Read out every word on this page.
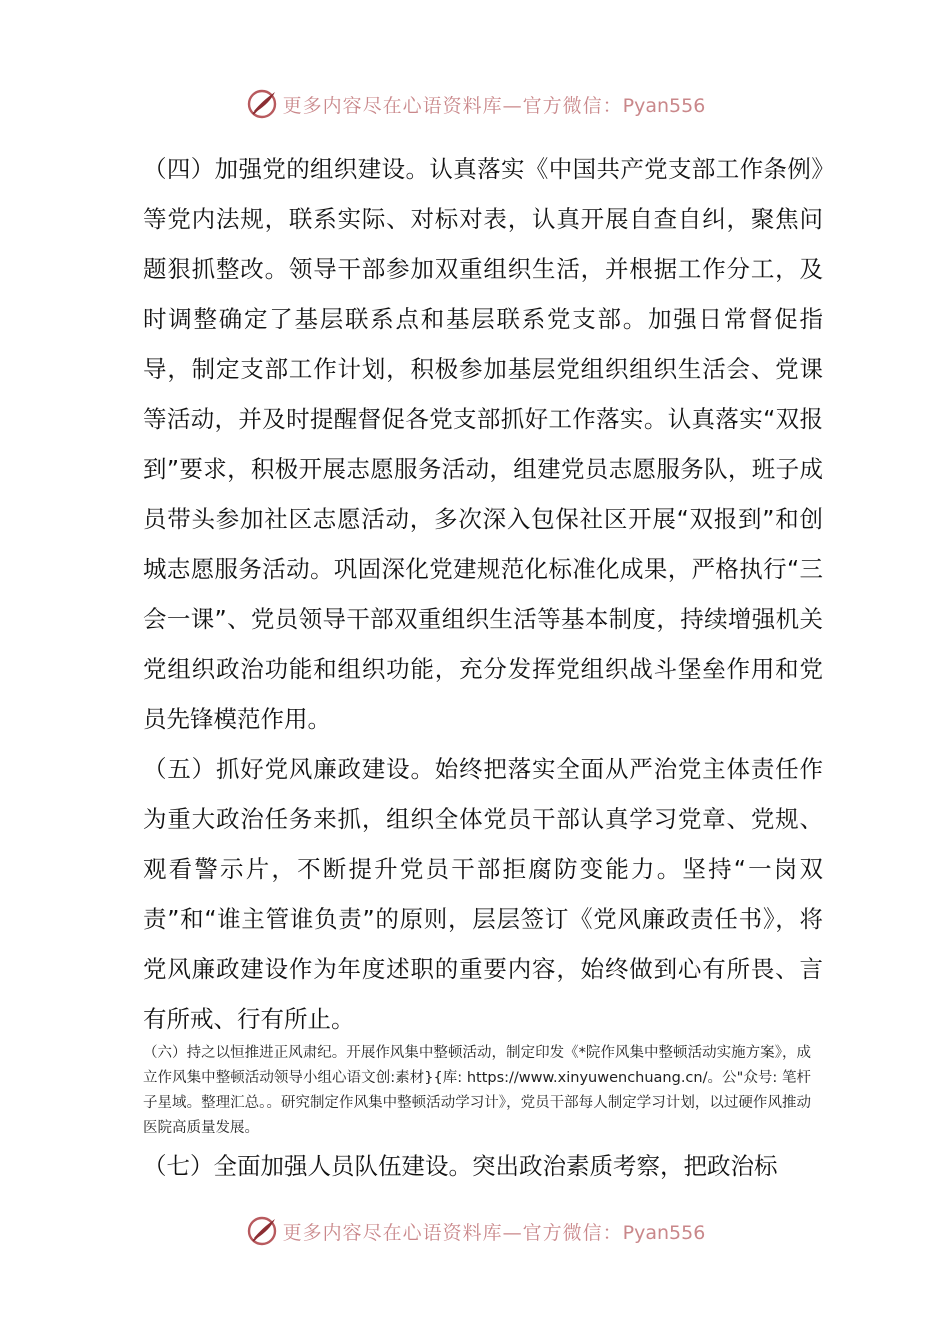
更多内容尽在心语资料库—官方微信：Pyan556

（四）加强党的组织建设。认真落实《中国共产党支部工作条例》等党内法规，联系实际、对标对表，认真开展自查自纠，聚焦问题狠抓整改。领导干部参加双重组织生活，并根据工作分工，及时调整确定了基层联系点和基层联系党支部。加强日常督促指导，制定支部工作计划，积极参加基层党组织组织生活会、党课等活动，并及时提醒督促各党支部抓好工作落实。认真落实“双报到”要求，积极开展志愿服务活动，组建党员志愿服务队，班子成员带头参加社区志愿活动，多次深入包保社区开展“双报到”和创城志愿服务活动。巩固深化党建规范化标准化成果，严格执行“三会一课”、党员领导干部双重组织生活等基本制度，持续增强机关党组织政治功能和组织功能，充分发挥党组织战斗堡垒作用和党员先锋模范作用。

（五）抓好党风廉政建设。始终把落实全面从严治党主体责任作为重大政治任务来抓，组织全体党员干部认真学习党章、党规、观看警示片，不断提升党员干部拒腐防变能力。坚持“一岗双责”和“谁主管谁负责”的原则，层层签订《党风廉政责任书》，将党风廉政建设作为年度述职的重要内容，始终做到心有所畏、言有所戒、行有所止。

（六）持之以恒推进正风肃纪。开展作风集中整顿活动，制定印发《*院作风集中整顿活动实施方案》，成立作风集中整顿活动领导小组心语文创:素材}{库: https://www.xinyuwenchuang.cn/。公"众号: 笔杆子星域。整理汇总。。研究制定作风集中整顿活动学习计》，党员干部每人制定学习计划，以过硬作风推动医院高质量发展。

（七）全面加强人员队伍建设。突出政治素质考察，把政治标

更多内容尽在心语资料库—官方微信：Pyan556
